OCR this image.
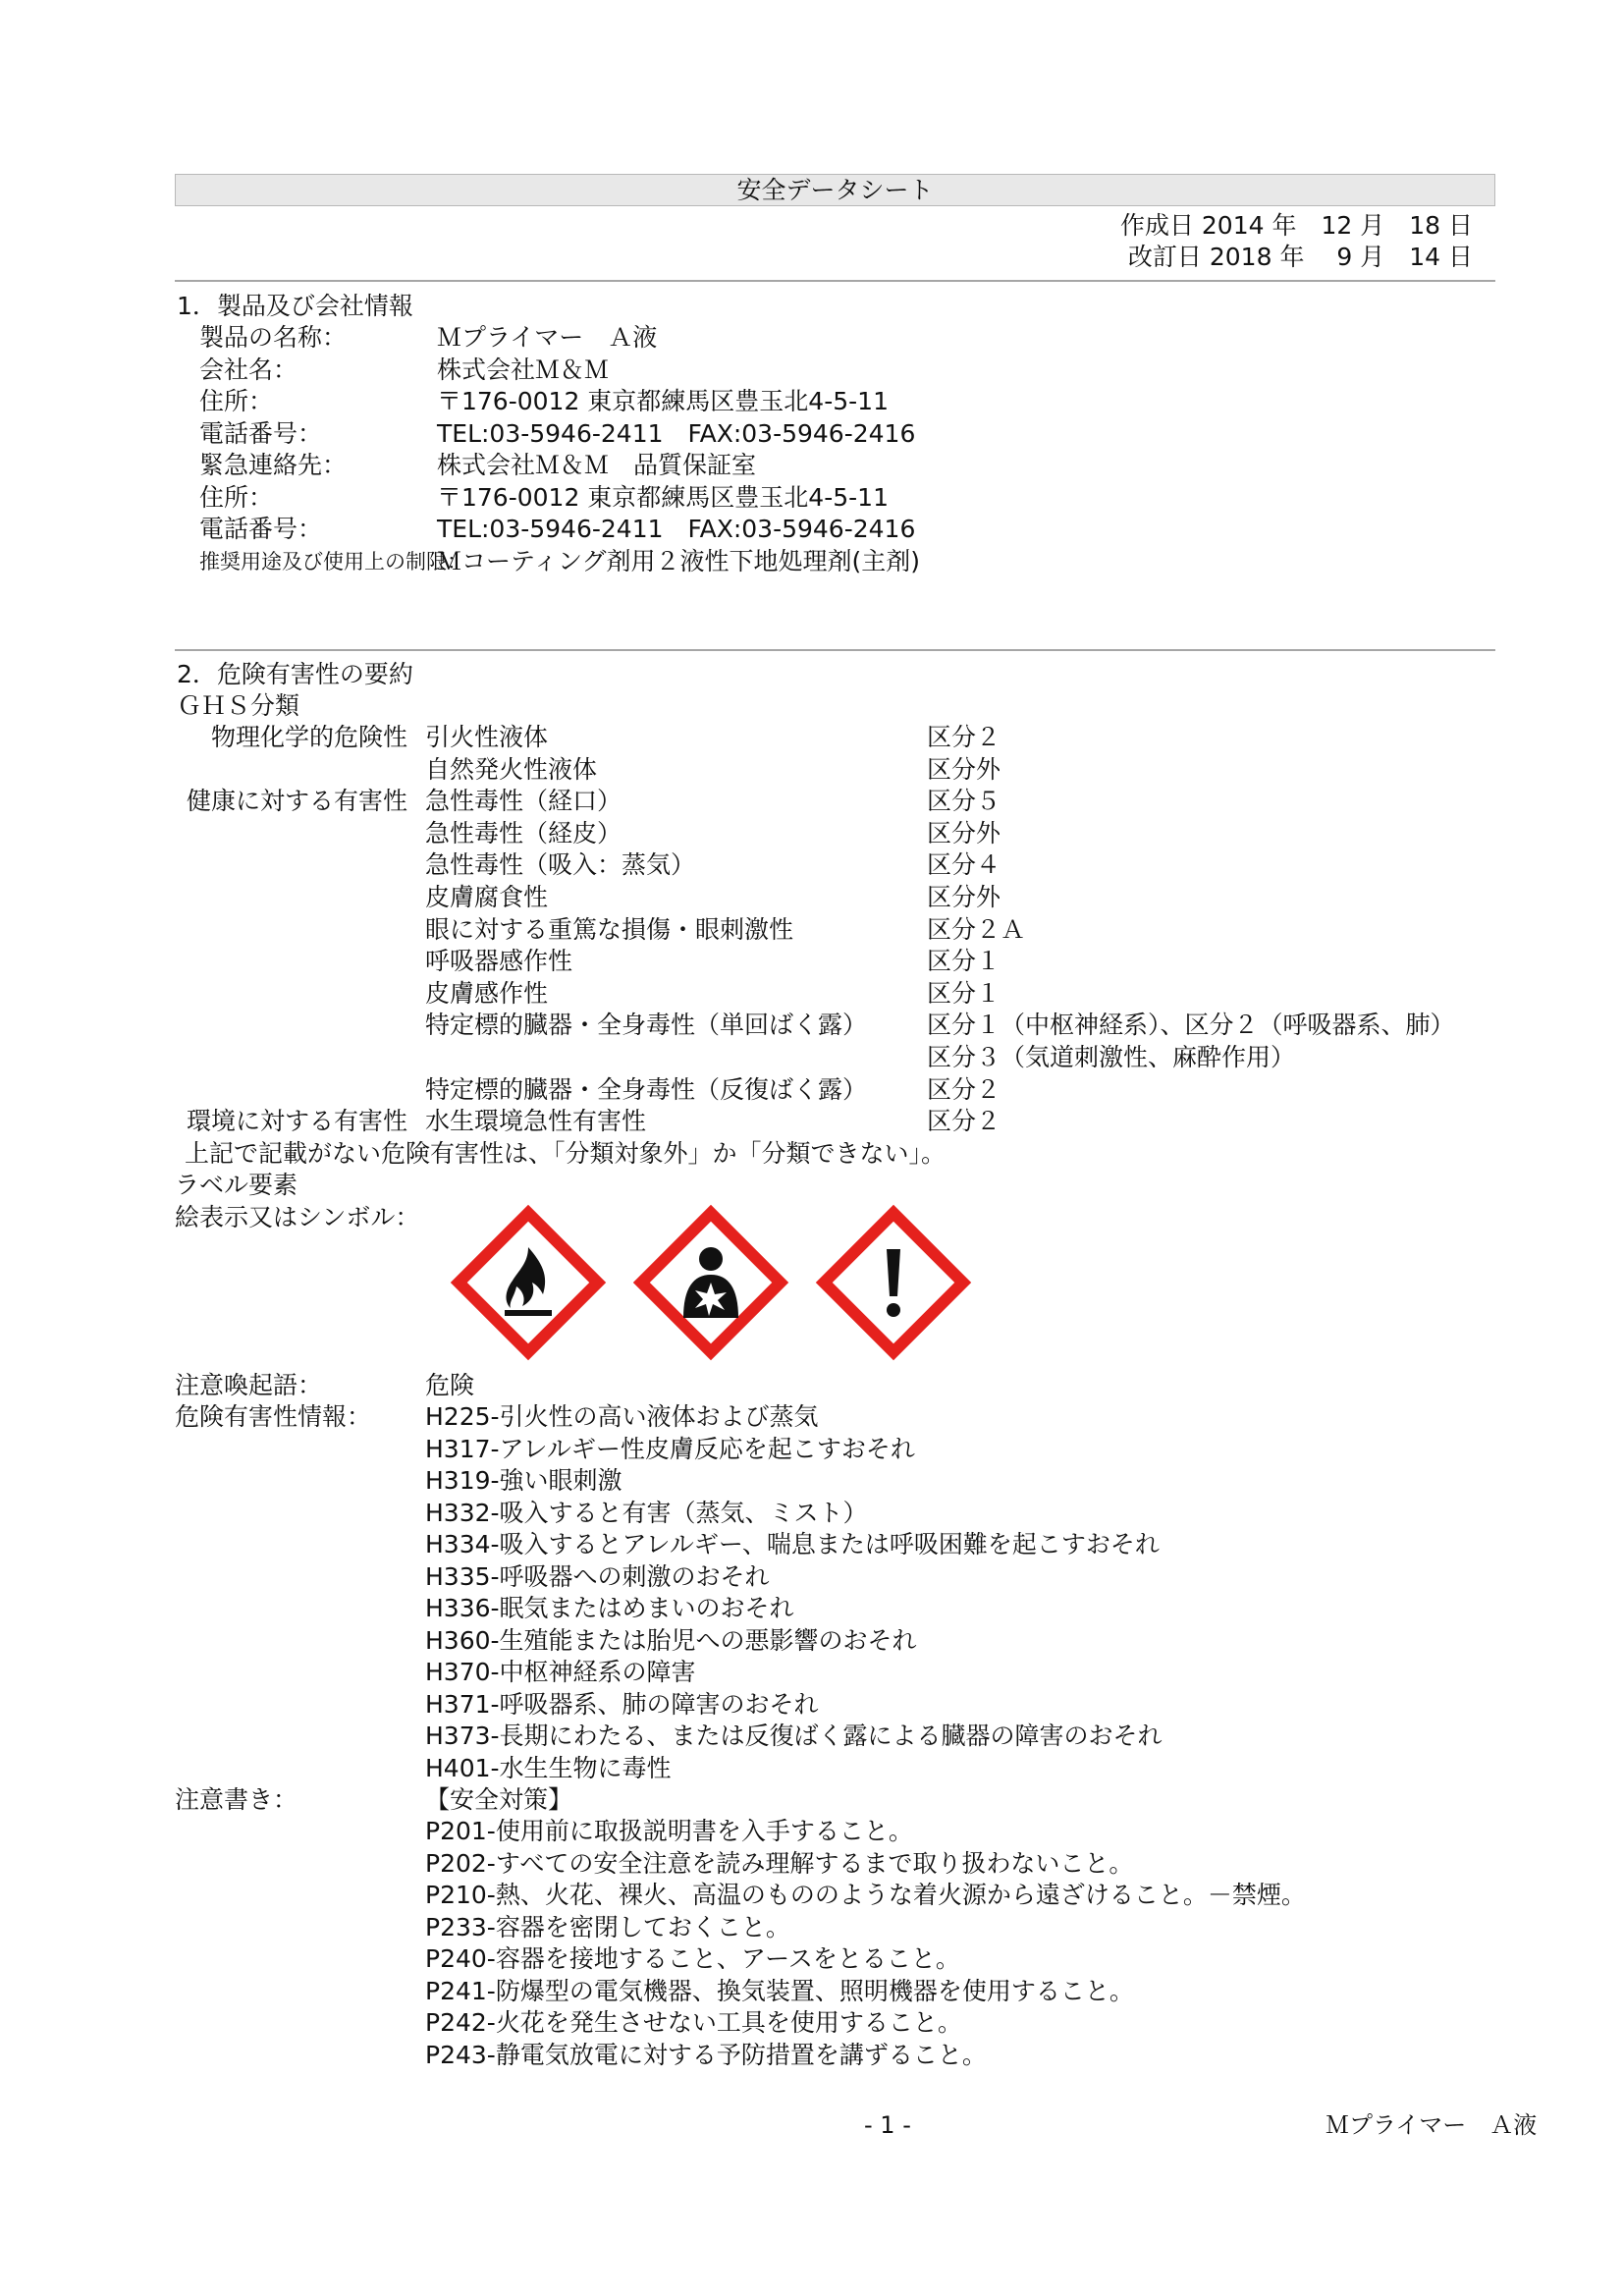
安全データシート
作成日 2014 年　12 月　18 日
改訂日 2018 年　 9 月　14 日
1．製品及び会社情報
製品の名称：	Ｍプライマー　Ａ液
会社名：	株式会社Ｍ＆Ｍ
住所：	〒176-0012 東京都練馬区豊玉北4-5-11
電話番号：	TEL:03-5946-2411　FAX:03-5946-2416
緊急連絡先：	株式会社Ｍ＆Ｍ　品質保証室
住所：	〒176-0012 東京都練馬区豊玉北4-5-11
電話番号：	TEL:03-5946-2411　FAX:03-5946-2416
推奨用途及び使用上の制限：
Ｍコーティング剤用２液性下地処理剤(主剤)
2．危険有害性の要約
ＧＨＳ分類
物理化学的危険性 引火性液体	区分２
自然発火性液体	区分外
健康に対する有害性 急性毒性（経口）	区分５
急性毒性（経皮）	区分外
急性毒性（吸入：蒸気）	区分４
皮膚腐食性	区分外
眼に対する重篤な損傷・眼刺激性	区分２Ａ
呼吸器感作性	区分１
皮膚感作性	区分１
特定標的臓器・全身毒性（単回ばく露） 区分１（中枢神経系）、区分２（呼吸器系、肺）
区分３（気道刺激性、麻酔作用）
特定標的臓器・全身毒性（反復ばく露） 区分２
環境に対する有害性 水生環境急性有害性	区分２
上記で記載がない危険有害性は、「分類対象外」か「分類できない」。
ラベル要素
絵表示又はシンボル：
注意喚起語：	危険
危険有害性情報： H225-引火性の高い液体および蒸気
H317-アレルギー性皮膚反応を起こすおそれ
H319-強い眼刺激
H332-吸入すると有害（蒸気、ミスト）
H334-吸入するとアレルギー、喘息または呼吸困難を起こすおそれ
H335-呼吸器への刺激のおそれ
H336-眠気またはめまいのおそれ
H360-生殖能または胎児への悪影響のおそれ
H370-中枢神経系の障害
H371-呼吸器系、肺の障害のおそれ
H373-長期にわたる、または反復ばく露による臓器の障害のおそれ
H401-水生生物に毒性
注意書き：	【安全対策】
P201-使用前に取扱説明書を入手すること。
P202-すべての安全注意を読み理解するまで取り扱わないこと。
P210-熱、火花、裸火、高温のもののような着火源から遠ざけること。－禁煙。
P233-容器を密閉しておくこと。
P240-容器を接地すること、アースをとること。
P241-防爆型の電気機器、換気装置、照明機器を使用すること。
P242-火花を発生させない工具を使用すること。
P243-静電気放電に対する予防措置を講ずること。
- 1 -	Ｍプライマー　Ａ液
